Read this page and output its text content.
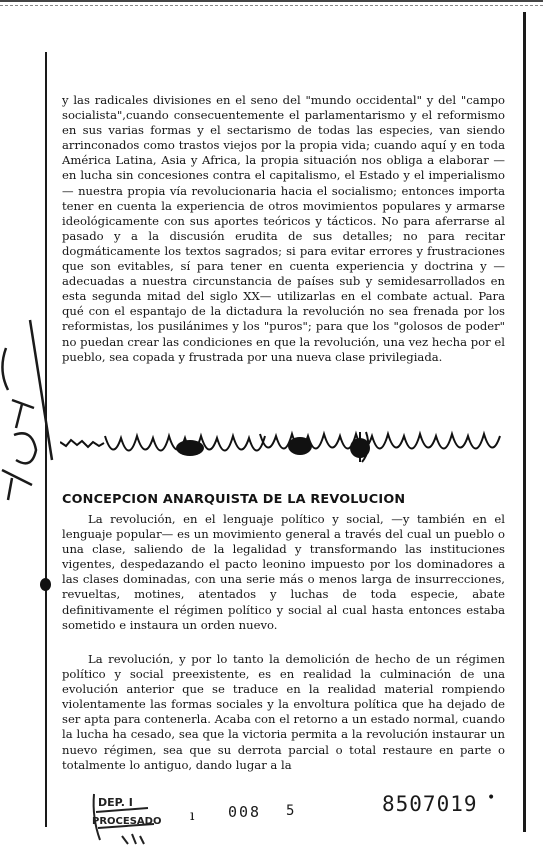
y las radicales divisiones en el seno del "mundo occidental" y del "campo socialista",cuando consecuentemente el parlamentarismo y el reformismo en sus varias formas y el sectarismo de todas las especies, van siendo arrinconados como trastos viejos por la propia vida; cuando aquí y en toda América Latina, Asia y Africa, la propia situación nos obliga a elaborar —en lucha sin concesiones contra el capitalismo, el Estado y el imperialismo— nuestra propia vía revolucionaria hacia el socialismo; entonces importa tener en cuenta la experiencia de otros movimientos populares y armarse ideológicamente con sus aportes teóricos y tácticos. No para aferrarse al pasado y a la discusión erudita de sus detalles; no para recitar dogmáticamente los textos sagrados; si para evitar errores y frustraciones que son evitables, sí para tener en cuenta experiencia y doctrina y —adecuadas a nuestra circunstancia de países sub y semidesarrollados en esta segunda mitad del siglo XX— utilizarlas en el combate actual. Para qué con el espantajo de la dictadura la revolución no sea frenada por los reformistas, los pusilánimes y los "puros"; para que los "golosos de poder" no puedan crear las condiciones en que la revolución, una vez hecha por el pueblo, sea copada y frustrada por una nueva clase privilegiada.
CONCEPCION ANARQUISTA DE LA REVOLUCION
La revolución, en el lenguaje político y social, —y también en el lenguaje popular— es un movimiento general a través del cual un pueblo o una clase, saliendo de la legalidad y transformando las instituciones vigentes, despedazando el pacto leonino impuesto por los dominadores a las clases dominadas, con una serie más o menos larga de insurrecciones, revueltas, motines, atentados y luchas de toda especie, abate definitivamente el régimen político y social al cual hasta entonces estaba sometido e instaura un orden nuevo.
La revolución, y por lo tanto la demolición de hecho de un régimen político y social preexistente, es en realidad la culminación de una evolución anterior que se traduce en la realidad material rompiendo violentamente las formas sociales y la envoltura política que ha dejado de ser apta para contenerla. Acaba con el retorno a un estado normal, cuando la lucha ha cesado, sea que la victoria permita a la revolución instaurar un nuevo régimen, sea que su derrota parcial o total restaure en parte o totalmente lo antiguo, dando lugar a la
DEP. I
PROCESADO ı 008 5	8507019 •
